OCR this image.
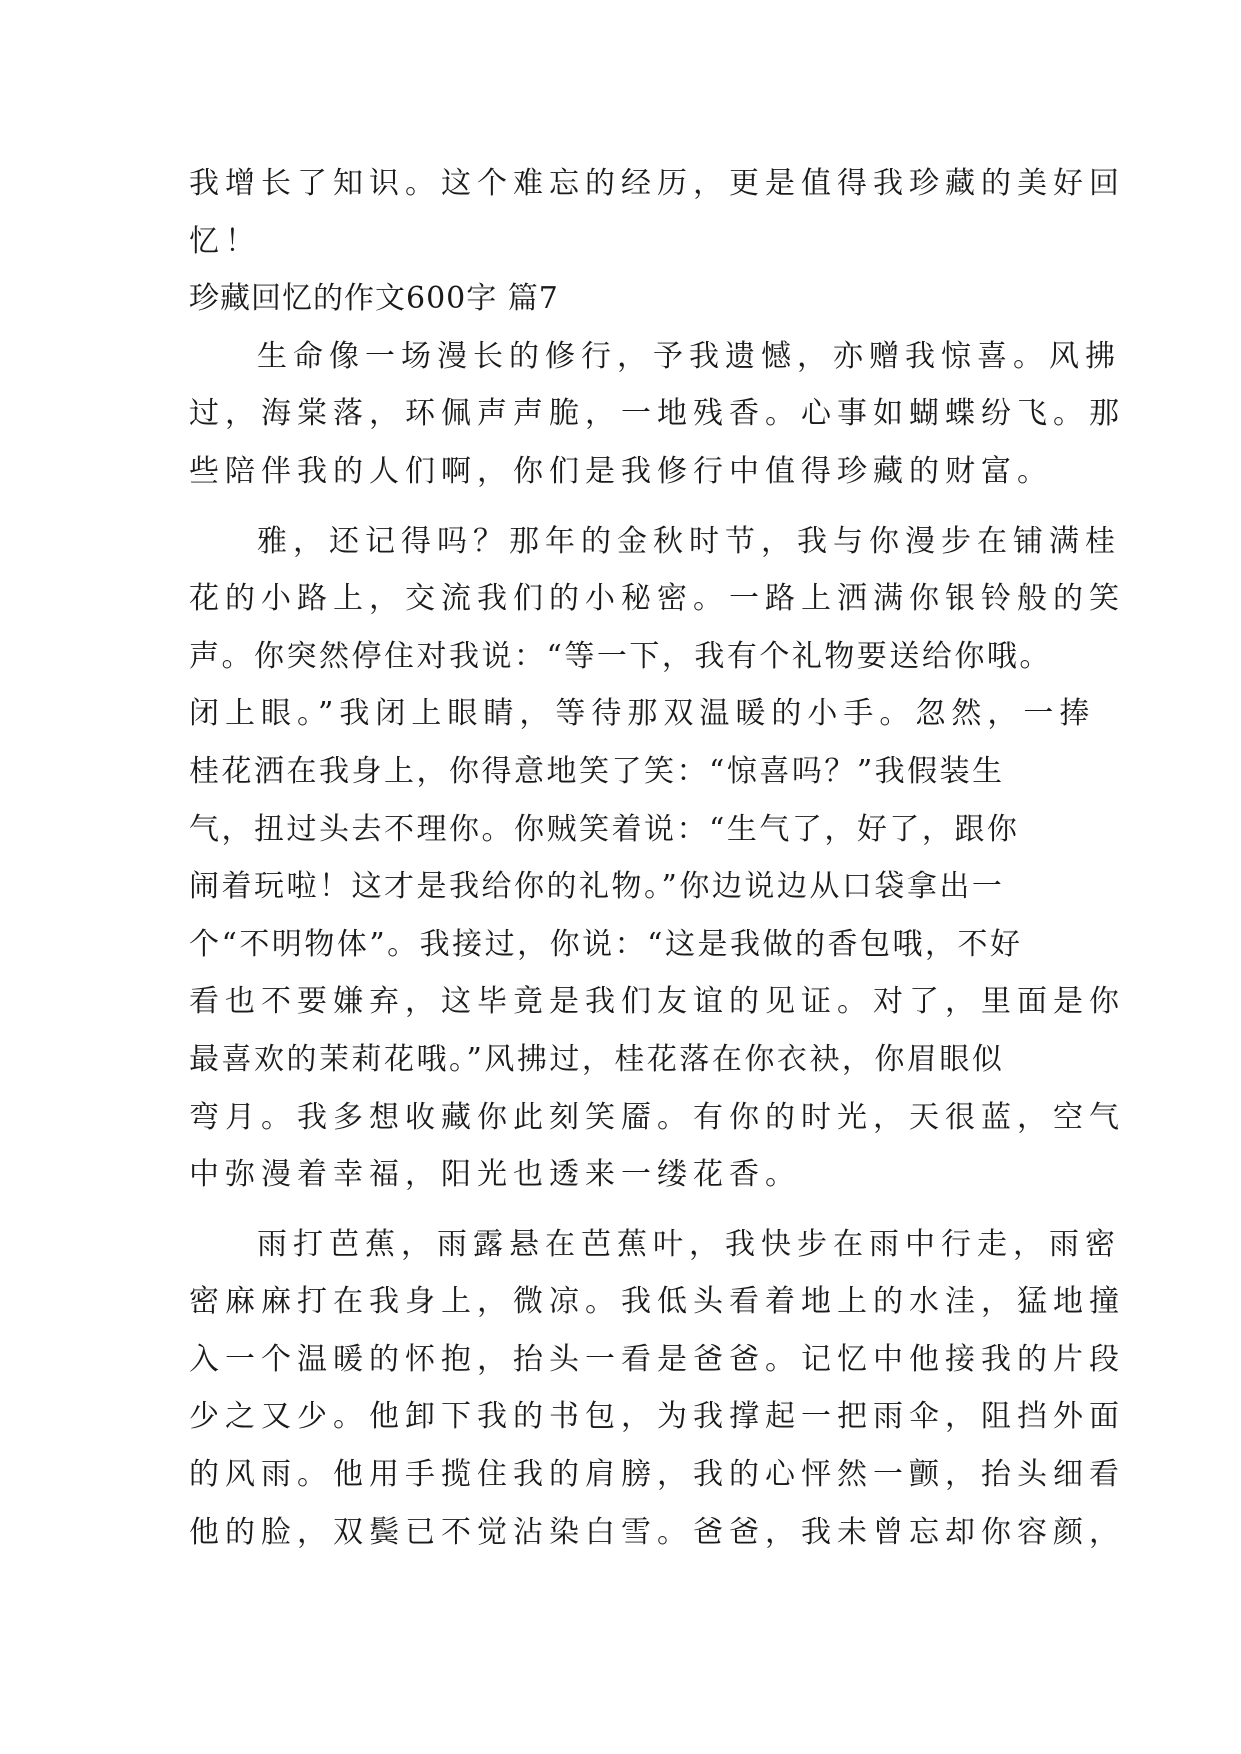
我增长了知识。这个难忘的经历，更是值得我珍藏的美好回
忆！
珍藏回忆的作文600字 篇7
生命像一场漫长的修行，予我遗憾，亦赠我惊喜。风拂
过，海棠落，环佩声声脆，一地残香。心事如蝴蝶纷飞。那
些陪伴我的人们啊，你们是我修行中值得珍藏的财富。
雅，还记得吗？那年的金秋时节，我与你漫步在铺满桂
花的小路上，交流我们的小秘密。一路上洒满你银铃般的笑
声。你突然停住对我说：“等一下，我有个礼物要送给你哦。
闭上眼。”我闭上眼睛，等待那双温暖的小手。忽然，一捧
桂花洒在我身上，你得意地笑了笑：“惊喜吗？”我假装生
气，扭过头去不理你。你贼笑着说：“生气了，好了，跟你
闹着玩啦！这才是我给你的礼物。”你边说边从口袋拿出一
个“不明物体”。我接过，你说：“这是我做的香包哦，不好
看也不要嫌弃，这毕竟是我们友谊的见证。对了，里面是你
最喜欢的茉莉花哦。”风拂过，桂花落在你衣袂，你眉眼似
弯月。我多想收藏你此刻笑靥。有你的时光，天很蓝，空气
中弥漫着幸福，阳光也透来一缕花香。
雨打芭蕉，雨露悬在芭蕉叶，我快步在雨中行走，雨密
密麻麻打在我身上，微凉。我低头看着地上的水洼，猛地撞
入一个温暖的怀抱，抬头一看是爸爸。记忆中他接我的片段
少之又少。他卸下我的书包，为我撑起一把雨伞，阻挡外面
的风雨。他用手揽住我的肩膀，我的心怦然一颤，抬头细看
他的脸，双鬓已不觉沾染白雪。爸爸，我未曾忘却你容颜，
